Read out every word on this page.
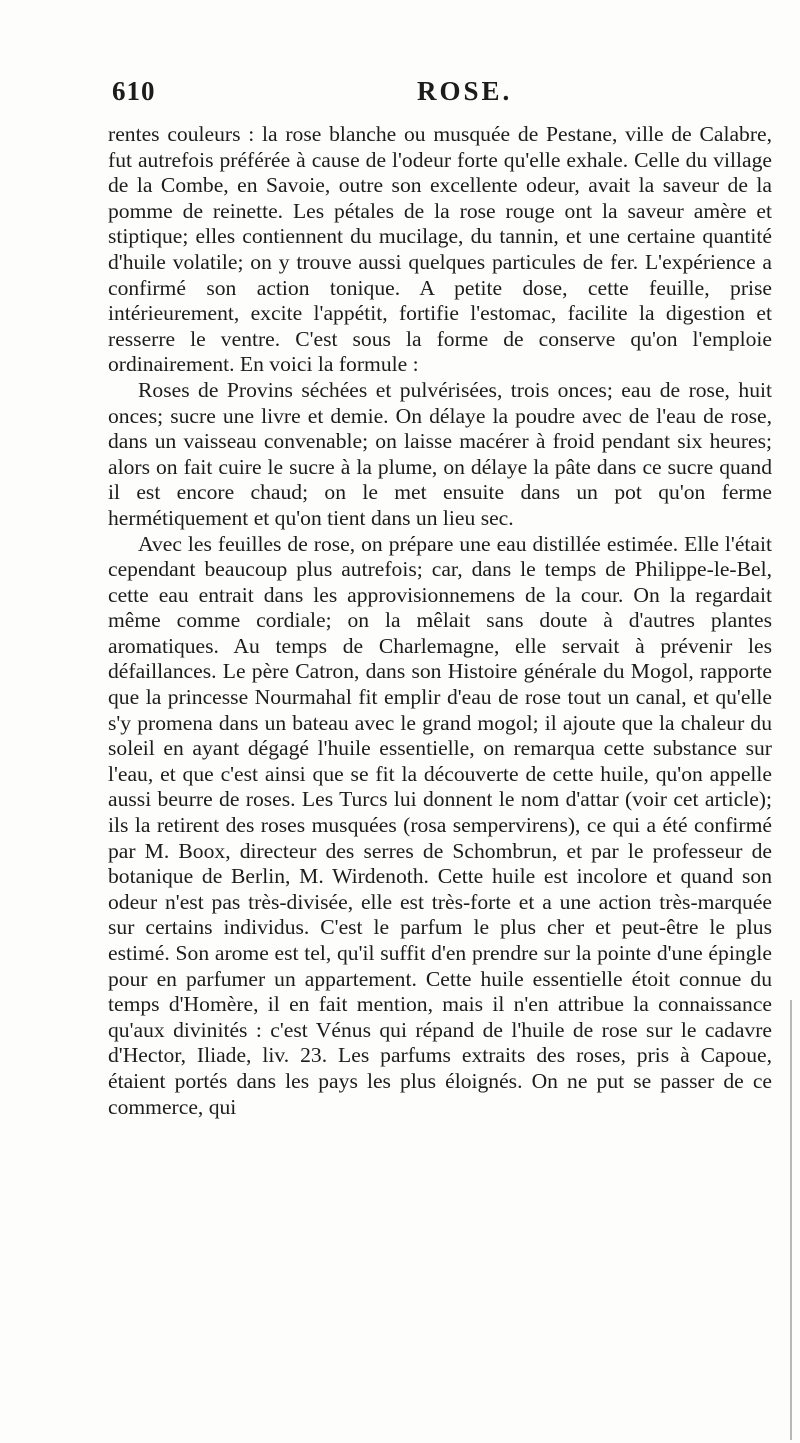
610	ROSE.

rentes couleurs : la rose blanche ou musquée de Pestane, ville de Calabre, fut autrefois préférée à cause de l'odeur forte qu'elle exhale. Celle du village de la Combe, en Savoie, outre son excellente odeur, avait la saveur de la pomme de reinette. Les pétales de la rose rouge ont la saveur amère et stiptique; elles contiennent du mucilage, du tannin, et une certaine quantité d'huile volatile; on y trouve aussi quelques particules de fer. L'expérience a confirmé son action tonique. A petite dose, cette feuille, prise intérieurement, excite l'appétit, fortifie l'estomac, facilite la digestion et resserre le ventre. C'est sous la forme de conserve qu'on l'emploie ordinairement. En voici la formule :

Roses de Provins séchées et pulvérisées, trois onces; eau de rose, huit onces; sucre une livre et demie. On délaye la poudre avec de l'eau de rose, dans un vaisseau convenable; on laisse macérer à froid pendant six heures; alors on fait cuire le sucre à la plume, on délaye la pâte dans ce sucre quand il est encore chaud; on le met ensuite dans un pot qu'on ferme hermétiquement et qu'on tient dans un lieu sec.

Avec les feuilles de rose, on prépare une eau distillée estimée. Elle l'était cependant beaucoup plus autrefois; car, dans le temps de Philippe-le-Bel, cette eau entrait dans les approvisionnemens de la cour. On la regardait même comme cordiale; on la mêlait sans doute à d'autres plantes aromatiques. Au temps de Charlemagne, elle servait à prévenir les défaillances. Le père Catron, dans son Histoire générale du Mogol, rapporte que la princesse Nourmahal fit emplir d'eau de rose tout un canal, et qu'elle s'y promena dans un bateau avec le grand mogol; il ajoute que la chaleur du soleil en ayant dégagé l'huile essentielle, on remarqua cette substance sur l'eau, et que c'est ainsi que se fit la découverte de cette huile, qu'on appelle aussi beurre de roses. Les Turcs lui donnent le nom d'attar (voir cet article); ils la retirent des roses musquées (rosa sempervirens), ce qui a été confirmé par M. Boox, directeur des serres de Schombrun, et par le professeur de botanique de Berlin, M. Wirdenoth. Cette huile est incolore et quand son odeur n'est pas très-divisée, elle est très-forte et a une action très-marquée sur certains individus. C'est le parfum le plus cher et peut-être le plus estimé. Son arome est tel, qu'il suffit d'en prendre sur la pointe d'une épingle pour en parfumer un appartement. Cette huile essentielle étoit connue du temps d'Homère, il en fait mention, mais il n'en attribue la connaissance qu'aux divinités : c'est Vénus qui répand de l'huile de rose sur le cadavre d'Hector, Iliade, liv. 23. Les parfums extraits des roses, pris à Capoue, étaient portés dans les pays les plus éloignés. On ne put se passer de ce commerce, qui
